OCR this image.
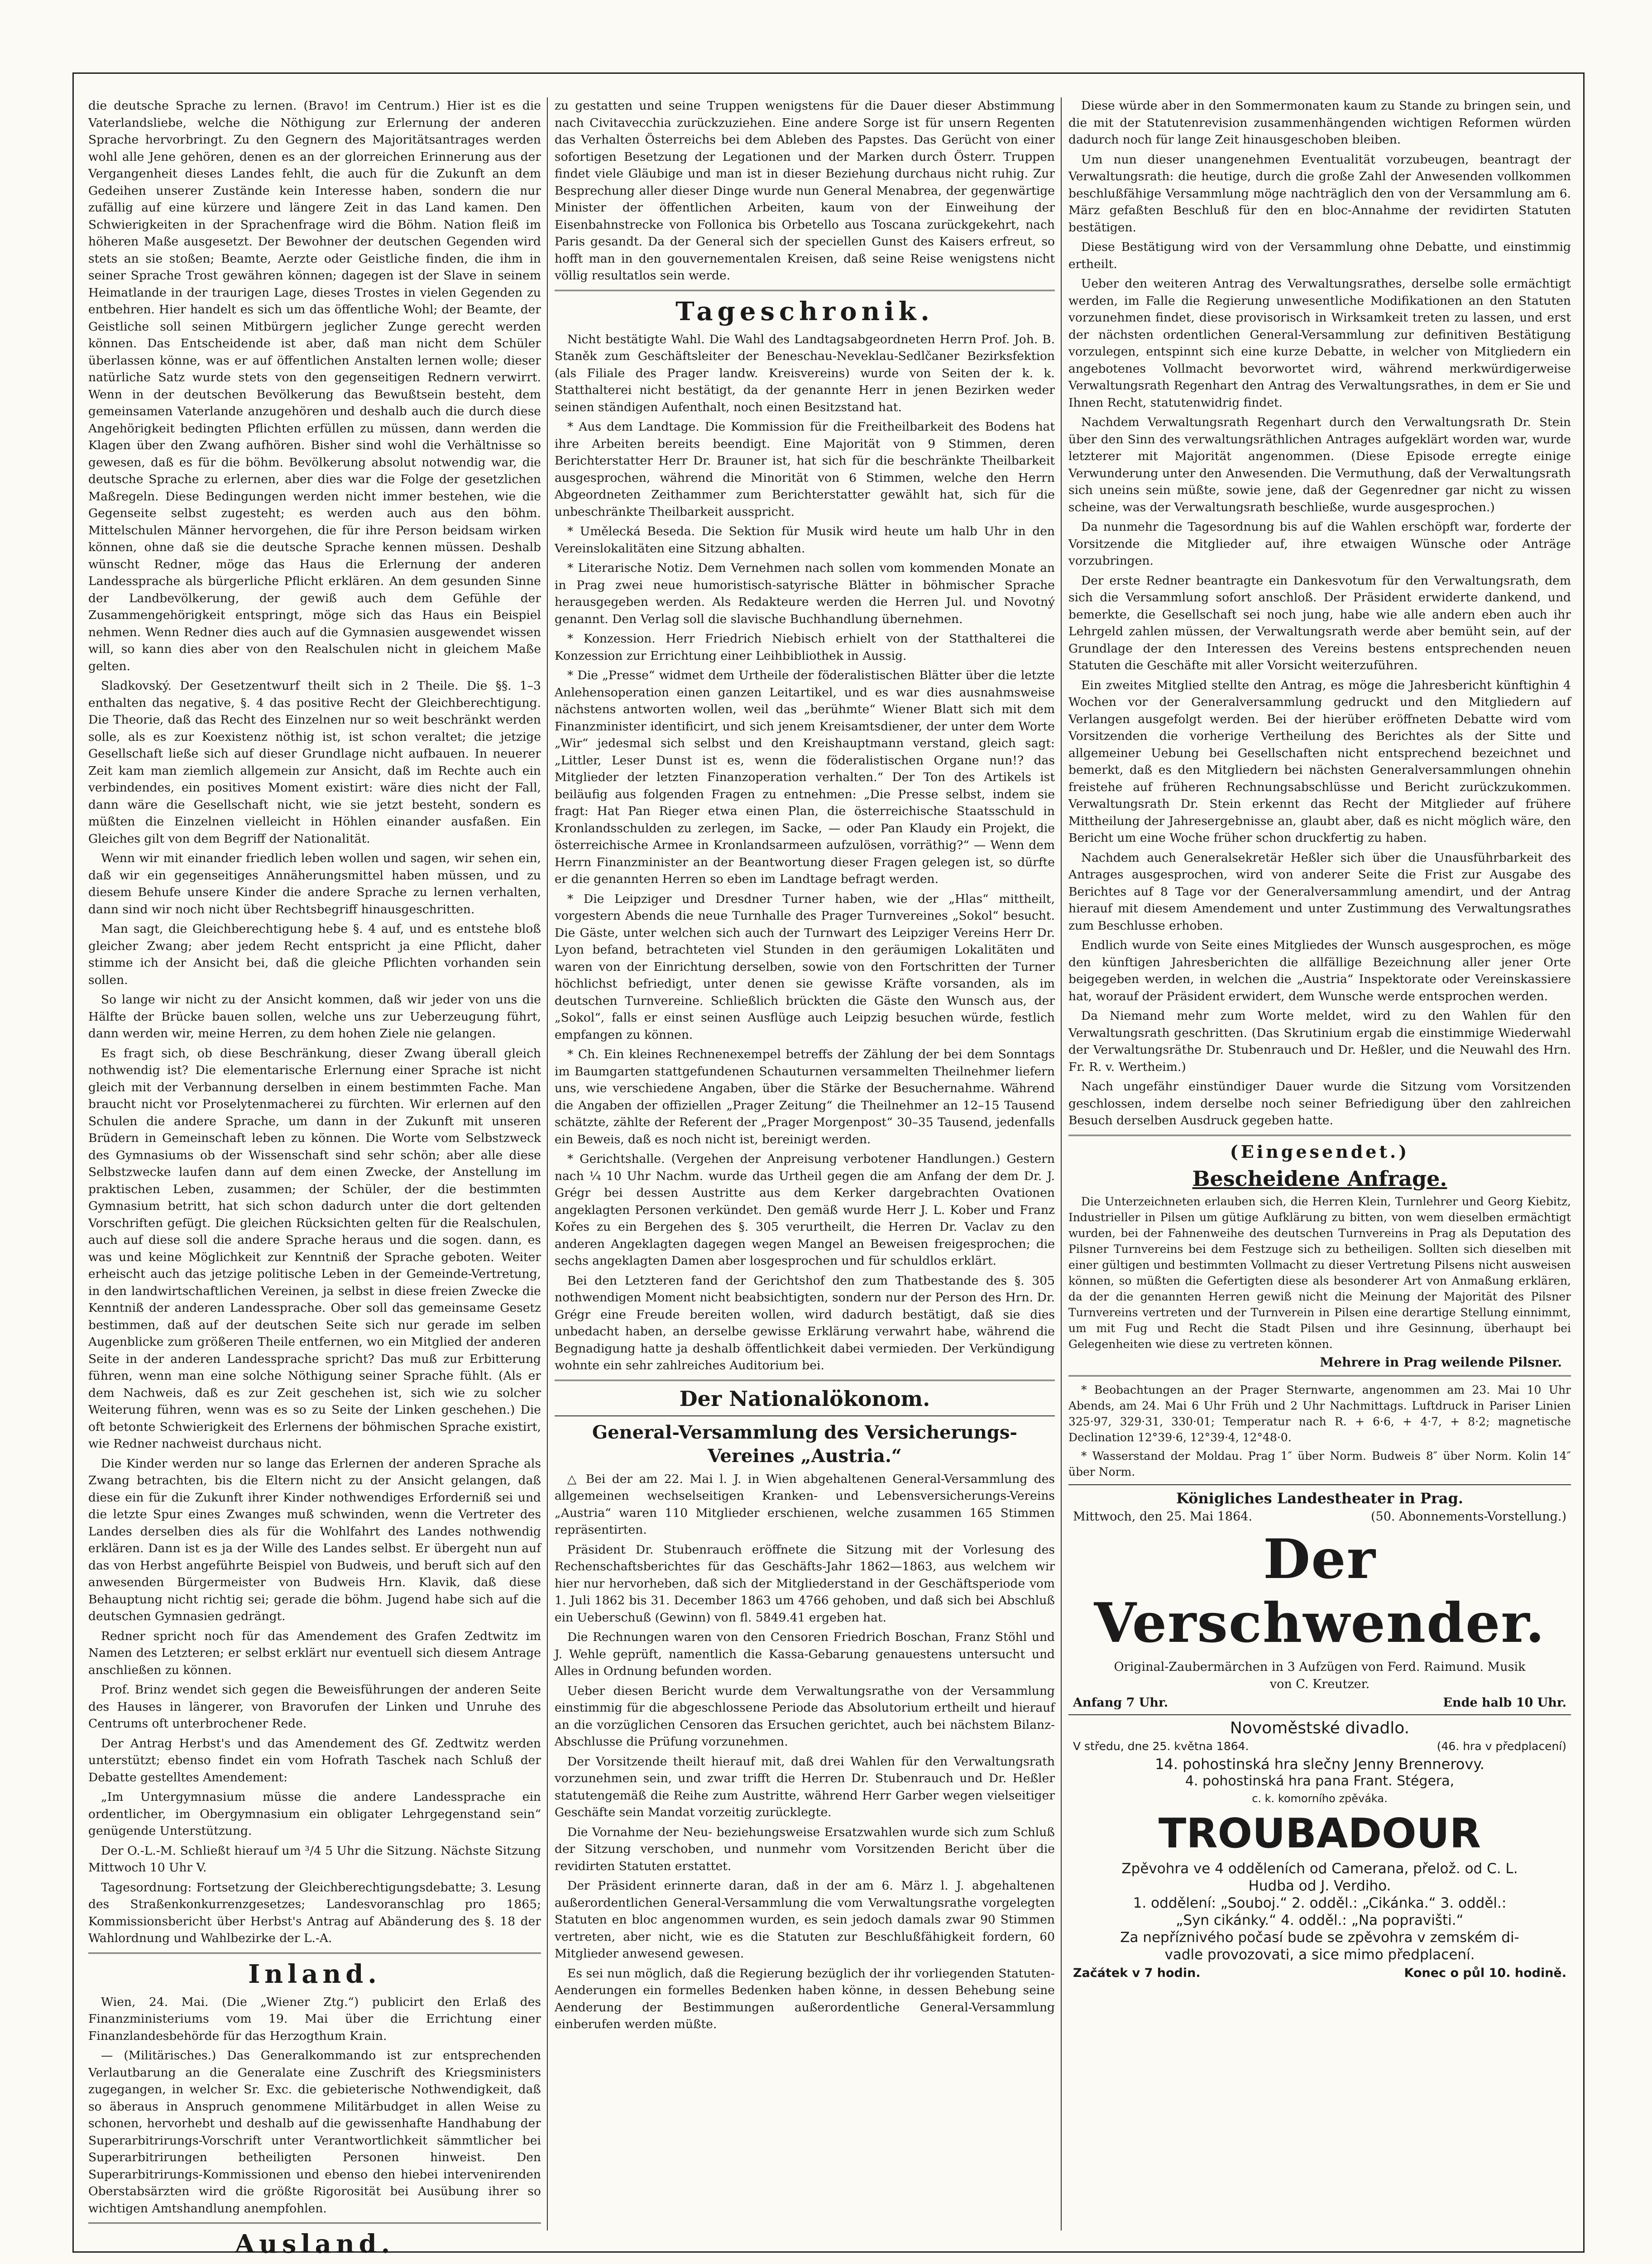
die deutsche Sprache zu lernen. (Bravo! im Centrum.) Hier ist es die Vaterlandsliebe, welche die Nöthigung zur Erlernung der anderen Sprache hervorbringt. Zu den Gegnern des Majoritätsantrages werden wohl alle Jene gehören, denen es an der glorreichen Erinnerung aus der Vergangenheit dieses Landes fehlt, die auch für die Zukunft an dem Gedeihen unserer Zustände kein Interesse haben, sondern die nur zufällig auf eine kürzere und längere Zeit in das Land kamen. Den Schwierigkeiten in der Sprachenfrage wird die Böhm. Nation fleiß im höheren Maße ausgesetzt. Der Bewohner der deutschen Gegenden wird stets an sie stoßen; Beamte, Aerzte oder Geistliche finden, die ihm in seiner Sprache Trost gewähren können; dagegen ist der Slave in seinem Heimatlande in der traurigen Lage, dieses Trostes in vielen Gegenden zu entbehren. Hier handelt es sich um das öffentliche Wohl; der Beamte, der Geistliche soll seinen Mitbürgern jeglicher Zunge gerecht werden können. Das Entscheidende ist aber, daß man nicht dem Schüler überlassen könne, was er auf öffentlichen Anstalten lernen wolle; dieser natürliche Satz wurde stets von den gegenseitigen Rednern verwirrt. Wenn in der deutschen Bevölkerung das Bewußtsein besteht, dem gemeinsamen Vaterlande anzugehören und deshalb auch die durch diese Angehörigkeit bedingten Pflichten erfüllen zu müssen, dann werden die Klagen über den Zwang aufhören. Bisher sind wohl die Verhältnisse so gewesen, daß es für die böhm. Bevölkerung absolut notwendig war, die deutsche Sprache zu erlernen, aber dies war die Folge der gesetzlichen Maßregeln. Diese Bedingungen werden nicht immer bestehen, wie die Gegenseite selbst zugesteht; es werden auch aus den böhm. Mittelschulen Männer hervorgehen, die für ihre Person beidsam wirken können, ohne daß sie die deutsche Sprache kennen müssen. Deshalb wünscht Redner, möge das Haus die Erlernung der anderen Landessprache als bürgerliche Pflicht erklären. An dem gesunden Sinne der Landbevölkerung, der gewiß auch dem Gefühle der Zusammengehörigkeit entspringt, möge sich das Haus ein Beispiel nehmen. Wenn Redner dies auch auf die Gymnasien ausgewendet wissen will, so kann dies aber von den Realschulen nicht in gleichem Maße gelten.

Sladkovský. Der Gesetzentwurf theilt sich in 2 Theile. Die §§. 1–3 enthalten das negative, §. 4 das positive Recht der Gleichberechtigung. Die Theorie, daß das Recht des Einzelnen nur so weit beschränkt werden solle, als es zur Koexistenz nöthig ist, ist schon veraltet; die jetzige Gesellschaft ließe sich auf dieser Grundlage nicht aufbauen. In neuerer Zeit kam man ziemlich allgemein zur Ansicht, daß im Rechte auch ein verbindendes, ein positives Moment existirt: wäre dies nicht der Fall, dann wäre die Gesellschaft nicht, wie sie jetzt besteht, sondern es müßten die Einzelnen vielleicht in Höhlen einander ausfaßen. Ein Gleiches gilt von dem Begriff der Nationalität.

Wenn wir mit einander friedlich leben wollen und sagen, wir sehen ein, daß wir ein gegenseitiges Annäherungsmittel haben müssen, und zu diesem Behufe unsere Kinder die andere Sprache zu lernen verhalten, dann sind wir noch nicht über Rechtsbegriff hinausgeschritten.

Man sagt, die Gleichberechtigung hebe §. 4 auf, und es entstehe bloß gleicher Zwang; aber jedem Recht entspricht ja eine Pflicht, daher stimme ich der Ansicht bei, daß die gleiche Pflichten vorhanden sein sollen.

So lange wir nicht zu der Ansicht kommen, daß wir jeder von uns die Hälfte der Brücke bauen sollen, welche uns zur Ueberzeugung führt, dann werden wir, meine Herren, zu dem hohen Ziele nie gelangen.

Es fragt sich, ob diese Beschränkung, dieser Zwang überall gleich nothwendig ist? Die elementarische Erlernung einer Sprache ist nicht gleich mit der Verbannung derselben in einem bestimmten Fache. Man braucht nicht vor Proselytenmacherei zu fürchten. Wir erlernen auf den Schulen die andere Sprache, um dann in der Zukunft mit unseren Brüdern in Gemeinschaft leben zu können. Die Worte vom Selbstzweck des Gymnasiums ob der Wissenschaft sind sehr schön; aber alle diese Selbstzwecke laufen dann auf dem einen Zwecke, der Anstellung im praktischen Leben, zusammen; der Schüler, der die bestimmten Gymnasium betritt, hat sich schon dadurch unter die dort geltenden Vorschriften gefügt. Die gleichen Rücksichten gelten für die Realschulen, auch auf diese soll die andere Sprache heraus und die sogen. dann, es was und keine Möglichkeit zur Kenntniß der Sprache geboten. Weiter erheischt auch das jetzige politische Leben in der Gemeinde-Vertretung, in den landwirtschaftlichen Vereinen, ja selbst in diese freien Zwecke die Kenntniß der anderen Landessprache. Ober soll das gemeinsame Gesetz bestimmen, daß auf der deutschen Seite sich nur gerade im selben Augenblicke zum größeren Theile entfernen, wo ein Mitglied der anderen Seite in der anderen Landessprache spricht? Das muß zur Erbitterung führen, wenn man eine solche Nöthigung seiner Sprache fühlt. (Als er dem Nachweis, daß es zur Zeit geschehen ist, sich wie zu solcher Weiterung führen, wenn was es so zu Seite der Linken geschehen.) Die oft betonte Schwierigkeit des Erlernens der böhmischen Sprache existirt, wie Redner nachweist durchaus nicht.

Die Kinder werden nur so lange das Erlernen der anderen Sprache als Zwang betrachten, bis die Eltern nicht zu der Ansicht gelangen, daß diese ein für die Zukunft ihrer Kinder nothwendiges Erforderniß sei und die letzte Spur eines Zwanges muß schwinden, wenn die Vertreter des Landes derselben dies als für die Wohlfahrt des Landes nothwendig erklären. Dann ist es ja der Wille des Landes selbst. Er übergeht nun auf das von Herbst angeführte Beispiel von Budweis, und beruft sich auf den anwesenden Bürgermeister von Budweis Hrn. Klavik, daß diese Behauptung nicht richtig sei; gerade die böhm. Jugend habe sich auf die deutschen Gymnasien gedrängt.

Redner spricht noch für das Amendement des Grafen Zedtwitz im Namen des Letzteren; er selbst erklärt nur eventuell sich diesem Antrage anschließen zu können.

Prof. Brinz wendet sich gegen die Beweisführungen der anderen Seite des Hauses in längerer, von Bravorufen der Linken und Unruhe des Centrums oft unterbrochener Rede.

Der Antrag Herbst's und das Amendement des Gf. Zedtwitz werden unterstützt; ebenso findet ein vom Hofrath Taschek nach Schluß der Debatte gestelltes Amendement:

„Im Untergymnasium müsse die andere Landessprache ein ordentlicher, im Obergymnasium ein obligater Lehrgegenstand sein“ genügende Unterstützung.

Der O.-L.-M. Schließt hierauf um ³/4 5 Uhr die Sitzung. Nächste Sitzung Mittwoch 10 Uhr V.

Tagesordnung: Fortsetzung der Gleichberechtigungsdebatte; 3. Lesung des Straßenkonkurrenzgesetzes; Landesvoranschlag pro 1865; Kommissionsbericht über Herbst's Antrag auf Abänderung des §. 18 der Wahlordnung und Wahlbezirke der L.-A.

Inland.

Wien, 24. Mai. (Die „Wiener Ztg.“) publicirt den Erlaß des Finanzministeriums vom 19. Mai über die Errichtung einer Finanzlandesbehörde für das Herzogthum Krain.

— (Militärisches.) Das Generalkommando ist zur entsprechenden Verlautbarung an die Generalate eine Zuschrift des Kriegsministers zugegangen, in welcher Sr. Exc. die gebieterische Nothwendigkeit, daß so äberaus in Anspruch genommene Militärbudget in allen Weise zu schonen, hervorhebt und deshalb auf die gewissenhafte Handhabung der Superarbitrirungs-Vorschrift unter Verantwortlichkeit sämmtlicher bei Superarbitrirungen betheiligten Personen hinweist. Den Superarbitrirungs-Kommissionen und ebenso den hiebei intervenirenden Oberstabsärzten wird die größte Rigorosität bei Ausübung ihrer so wichtigen Amtshandlung anempfohlen.

Ausland.

zu gestatten und seine Truppen wenigstens für die Dauer dieser Abstimmung nach Civitavecchia zurückzuziehen. Eine andere Sorge ist für unsern Regenten das Verhalten Österreichs bei dem Ableben des Papstes. Das Gerücht von einer sofortigen Besetzung der Legationen und der Marken durch Österr. Truppen findet viele Gläubige und man ist in dieser Beziehung durchaus nicht ruhig. Zur Besprechung aller dieser Dinge wurde nun General Menabrea, der gegenwärtige Minister der öffentlichen Arbeiten, kaum von der Einweihung der Eisenbahnstrecke von Follonica bis Orbetello aus Toscana zurückgekehrt, nach Paris gesandt. Da der General sich der speciellen Gunst des Kaisers erfreut, so hofft man in den gouvernementalen Kreisen, daß seine Reise wenigstens nicht völlig resultatlos sein werde.

Tageschronik.

Nicht bestätigte Wahl. Die Wahl des Landtagsabgeordneten Herrn Prof. Joh. B. Staněk zum Geschäftsleiter der Beneschau-Neveklau-Sedlčaner Bezirksfektion (als Filiale des Prager landw. Kreisvereins) wurde von Seiten der k. k. Statthalterei nicht bestätigt, da der genannte Herr in jenen Bezirken weder seinen ständigen Aufenthalt, noch einen Besitzstand hat.

* Aus dem Landtage. Die Kommission für die Freitheilbarkeit des Bodens hat ihre Arbeiten bereits beendigt. Eine Majorität von 9 Stimmen, deren Berichterstatter Herr Dr. Brauner ist, hat sich für die beschränkte Theilbarkeit ausgesprochen, während die Minorität von 6 Stimmen, welche den Herrn Abgeordneten Zeithammer zum Berichterstatter gewählt hat, sich für die unbeschränkte Theilbarkeit ausspricht.

* Umělecká Beseda. Die Sektion für Musik wird heute um halb Uhr in den Vereinslokalitäten eine Sitzung abhalten.

* Literarische Notiz. Dem Vernehmen nach sollen vom kommenden Monate an in Prag zwei neue humoristisch-satyrische Blätter in böhmischer Sprache herausgegeben werden. Als Redakteure werden die Herren Jul. und Novotný genannt. Den Verlag soll die slavische Buchhandlung übernehmen.

* Konzession. Herr Friedrich Niebisch erhielt von der Statthalterei die Konzession zur Errichtung einer Leihbibliothek in Aussig.

* Die „Presse“ widmet dem Urtheile der föderalistischen Blätter über die letzte Anlehensoperation einen ganzen Leitartikel, und es war dies ausnahmsweise nächstens antworten wollen, weil das „berühmte“ Wiener Blatt sich mit dem Finanzminister identificirt, und sich jenem Kreisamtsdiener, der unter dem Worte „Wir“ jedesmal sich selbst und den Kreishauptmann verstand, gleich sagt: „Littler, Leser Dunst ist es, wenn die föderalistischen Organe nun!? das Mitglieder der letzten Finanzoperation verhalten.“ Der Ton des Artikels ist beiläufig aus folgenden Fragen zu entnehmen: „Die Presse selbst, indem sie fragt: Hat Pan Rieger etwa einen Plan, die österreichische Staatsschuld in Kronlandsschulden zu zerlegen, im Sacke, — oder Pan Klaudy ein Projekt, die österreichische Armee in Kronlandsarmeen aufzulösen, vorräthig?“ — Wenn dem Herrn Finanzminister an der Beantwortung dieser Fragen gelegen ist, so dürfte er die genannten Herren so eben im Landtage befragt werden.

* Die Leipziger und Dresdner Turner haben, wie der „Hlas“ mittheilt, vorgestern Abends die neue Turnhalle des Prager Turnvereines „Sokol“ besucht. Die Gäste, unter welchen sich auch der Turnwart des Leipziger Vereins Herr Dr. Lyon befand, betrachteten viel Stunden in den geräumigen Lokalitäten und waren von der Einrichtung derselben, sowie von den Fortschritten der Turner höchlichst befriedigt, unter denen sie gewisse Kräfte vorsanden, als im deutschen Turnvereine. Schließlich brückten die Gäste den Wunsch aus, der „Sokol“, falls er einst seinen Ausflüge auch Leipzig besuchen würde, festlich empfangen zu können.

* Ch. Ein kleines Rechnenexempel betreffs der Zählung der bei dem Sonntags im Baumgarten stattgefundenen Schauturnen versammelten Theilnehmer liefern uns, wie verschiedene Angaben, über die Stärke der Besuchernahme. Während die Angaben der offiziellen „Prager Zeitung“ die Theilnehmer an 12–15 Tausend schätzte, zählte der Referent der „Prager Morgenpost“ 30–35 Tausend, jedenfalls ein Beweis, daß es noch nicht ist, bereinigt werden.

* Gerichtshalle. (Vergehen der Anpreisung verbotener Handlungen.) Gestern nach ¼ 10 Uhr Nachm. wurde das Urtheil gegen die am Anfang der dem Dr. J. Grégr bei dessen Austritte aus dem Kerker dargebrachten Ovationen angeklagten Personen verkündet. Den gemäß wurde Herr J. L. Kober und Franz Kořes zu ein Bergehen des §. 305 verurtheilt, die Herren Dr. Vaclav zu den anderen Angeklagten dagegen wegen Mangel an Beweisen freigesprochen; die sechs angeklagten Damen aber losgesprochen und für schuldlos erklärt.

Bei den Letzteren fand der Gerichtshof den zum Thatbestande des §. 305 nothwendigen Moment nicht beabsichtigten, sondern nur der Person des Hrn. Dr. Grégr eine Freude bereiten wollen, wird dadurch bestätigt, daß sie dies unbedacht haben, an derselbe gewisse Erklärung verwahrt habe, während die Begnadigung hatte ja deshalb öffentlichkeit dabei vermieden. Der Verkündigung wohnte ein sehr zahlreiches Auditorium bei.

Der Nationalökonom.
General-Versammlung des Versicherungs-Vereines „Austria.“

△ Bei der am 22. Mai l. J. in Wien abgehaltenen General-Versammlung des allgemeinen wechselseitigen Kranken- und Lebensversicherungs-Vereins „Austria“ waren 110 Mitglieder erschienen, welche zusammen 165 Stimmen repräsentirten.

Präsident Dr. Stubenrauch eröffnete die Sitzung mit der Vorlesung des Rechenschaftsberichtes für das Geschäfts-Jahr 1862—1863, aus welchem wir hier nur hervorheben, daß sich der Mitgliederstand in der Geschäftsperiode vom 1. Juli 1862 bis 31. December 1863 um 4766 gehoben, und daß sich bei Abschluß ein Ueberschuß (Gewinn) von fl. 5849.41 ergeben hat.

Die Rechnungen waren von den Censoren Friedrich Boschan, Franz Stöhl und J. Wehle geprüft, namentlich die Kassa-Gebarung genauestens untersucht und Alles in Ordnung befunden worden.

Ueber diesen Bericht wurde dem Verwaltungsrathe von der Versammlung einstimmig für die abgeschlossene Periode das Absolutorium ertheilt und hierauf an die vorzüglichen Censoren das Ersuchen gerichtet, auch bei nächstem Bilanz-Abschlusse die Prüfung vorzunehmen.

Der Vorsitzende theilt hierauf mit, daß drei Wahlen für den Verwaltungsrath vorzunehmen sein, und zwar trifft die Herren Dr. Stubenrauch und Dr. Heßler statutengemäß die Reihe zum Austritte, während Herr Garber wegen vielseitiger Geschäfte sein Mandat vorzeitig zurücklegte.

Die Vornahme der Neu- beziehungsweise Ersatzwahlen wurde sich zum Schluß der Sitzung verschoben, und nunmehr vom Vorsitzenden Bericht über die revidirten Statuten erstattet.

Der Präsident erinnerte daran, daß in der am 6. März l. J. abgehaltenen außerordentlichen General-Versammlung die vom Verwaltungsrathe vorgelegten Statuten en bloc angenommen wurden, es sein jedoch damals zwar 90 Stimmen vertreten, aber nicht, wie es die Statuten zur Beschlußfähigkeit fordern, 60 Mitglieder anwesend gewesen.

Es sei nun möglich, daß die Regierung bezüglich der ihr vorliegenden Statuten-Aenderungen ein formelles Bedenken haben könne, in dessen Behebung seine Aenderung der Bestimmungen außerordentliche General-Versammlung einberufen werden müßte.

Diese würde aber in den Sommermonaten kaum zu Stande zu bringen sein, und die mit der Statutenrevision zusammenhängenden wichtigen Reformen würden dadurch noch für lange Zeit hinausgeschoben bleiben.

Um nun dieser unangenehmen Eventualität vorzubeugen, beantragt der Verwaltungsrath: die heutige, durch die große Zahl der Anwesenden vollkommen beschlußfähige Versammlung möge nachträglich den von der Versammlung am 6. März gefaßten Beschluß für den en bloc-Annahme der revidirten Statuten bestätigen.

Diese Bestätigung wird von der Versammlung ohne Debatte, und einstimmig ertheilt.

Ueber den weiteren Antrag des Verwaltungsrathes, derselbe solle ermächtigt werden, im Falle die Regierung unwesentliche Modifikationen an den Statuten vorzunehmen findet, diese provisorisch in Wirksamkeit treten zu lassen, und erst der nächsten ordentlichen General-Versammlung zur definitiven Bestätigung vorzulegen, entspinnt sich eine kurze Debatte, in welcher von Mitgliedern ein angebotenes Vollmacht bevorwortet wird, während merkwürdigerweise Verwaltungsrath Regenhart den Antrag des Verwaltungsrathes, in dem er Sie und Ihnen Recht, statutenwidrig findet.

Nachdem Verwaltungsrath Regenhart durch den Verwaltungsrath Dr. Stein über den Sinn des verwaltungsräthlichen Antrages aufgeklärt worden war, wurde letzterer mit Majorität angenommen. (Diese Episode erregte einige Verwunderung unter den Anwesenden. Die Vermuthung, daß der Verwaltungsrath sich uneins sein müßte, sowie jene, daß der Gegenredner gar nicht zu wissen scheine, was der Verwaltungsrath beschließe, wurde ausgesprochen.)

Da nunmehr die Tagesordnung bis auf die Wahlen erschöpft war, forderte der Vorsitzende die Mitglieder auf, ihre etwaigen Wünsche oder Anträge vorzubringen.

Der erste Redner beantragte ein Dankesvotum für den Verwaltungsrath, dem sich die Versammlung sofort anschloß. Der Präsident erwiderte dankend, und bemerkte, die Gesellschaft sei noch jung, habe wie alle andern eben auch ihr Lehrgeld zahlen müssen, der Verwaltungsrath werde aber bemüht sein, auf der Grundlage der den Interessen des Vereins bestens entsprechenden neuen Statuten die Geschäfte mit aller Vorsicht weiterzuführen.

Ein zweites Mitglied stellte den Antrag, es möge die Jahresbericht künftighin 4 Wochen vor der Generalversammlung gedruckt und den Mitgliedern auf Verlangen ausgefolgt werden. Bei der hierüber eröffneten Debatte wird vom Vorsitzenden die vorherige Vertheilung des Berichtes als der Sitte und allgemeiner Uebung bei Gesellschaften nicht entsprechend bezeichnet und bemerkt, daß es den Mitgliedern bei nächsten Generalversammlungen ohnehin freistehe auf früheren Rechnungsabschlüsse und Bericht zurückzukommen. Verwaltungsrath Dr. Stein erkennt das Recht der Mitglieder auf frühere Mittheilung der Jahresergebnisse an, glaubt aber, daß es nicht möglich wäre, den Bericht um eine Woche früher schon druckfertig zu haben.

Nachdem auch Generalsekretär Heßler sich über die Unausführbarkeit des Antrages ausgesprochen, wird von anderer Seite die Frist zur Ausgabe des Berichtes auf 8 Tage vor der Generalversammlung amendirt, und der Antrag hierauf mit diesem Amendement und unter Zustimmung des Verwaltungsrathes zum Beschlusse erhoben.

Endlich wurde von Seite eines Mitgliedes der Wunsch ausgesprochen, es möge den künftigen Jahresberichten die allfällige Bezeichnung aller jener Orte beigegeben werden, in welchen die „Austria“ Inspektorate oder Vereinskassiere hat, worauf der Präsident erwidert, dem Wunsche werde entsprochen werden.

Da Niemand mehr zum Worte meldet, wird zu den Wahlen für den Verwaltungsrath geschritten. (Das Skrutinium ergab die einstimmige Wiederwahl der Verwaltungsräthe Dr. Stubenrauch und Dr. Heßler, und die Neuwahl des Hrn. Fr. R. v. Wertheim.)

Nach ungefähr einstündiger Dauer wurde die Sitzung vom Vorsitzenden geschlossen, indem derselbe noch seiner Befriedigung über den zahlreichen Besuch derselben Ausdruck gegeben hatte.

(Eingesendet.)
Bescheidene Anfrage.

Die Unterzeichneten erlauben sich, die Herren Klein, Turnlehrer und Georg Kiebitz, Industrieller in Pilsen um gütige Aufklärung zu bitten, von wem dieselben ermächtigt wurden, bei der Fahnenweihe des deutschen Turnvereins in Prag als Deputation des Pilsner Turnvereins bei dem Festzuge sich zu betheiligen. Sollten sich dieselben mit einer gültigen und bestimmten Vollmacht zu dieser Vertretung Pilsens nicht ausweisen können, so müßten die Gefertigten diese als besonderer Art von Anmaßung erklären, da der die genannten Herren gewiß nicht die Meinung der Majorität des Pilsner Turnvereins vertreten und der Turnverein in Pilsen eine derartige Stellung einnimmt, um mit Fug und Recht die Stadt Pilsen und ihre Gesinnung, überhaupt bei Gelegenheiten wie diese zu vertreten können.

Mehrere in Prag weilende Pilsner.

* Beobachtungen an der Prager Sternwarte, angenommen am 23. Mai 10 Uhr Abends, am 24. Mai 6 Uhr Früh und 2 Uhr Nachmittags. Luftdruck in Pariser Linien 325·97, 329·31, 330·01; Temperatur nach R. + 6·6, + 4·7, + 8·2; magnetische Declination 12°39·6, 12°39·4, 12°48·0.

* Wasserstand der Moldau. Prag 1″ über Norm. Budweis 8″ über Norm. Kolin 14″ über Norm.

Königliches Landestheater in Prag.

Mittwoch, den 25. Mai 1864.	(50. Abonnements-Vorstellung.)
Der Verschwender.

Original-Zaubermärchen in 3 Aufzügen von Ferd. Raimund. Musik

von C. Kreutzer.

Anfang 7 Uhr.	Ende halb 10 Uhr.

Novoměstské divadlo.

V středu, dne 25. května 1864.	(46. hra v předplacení)

14. pohostinská hra slečny Jenny Brennerovy.

4. pohostinská hra pana Frant. Stégera,

c. k. komorního zpěváka.

TROUBADOUR

Zpěvohra ve 4 odděleních od Camerana, přelož. od C. L.

Hudba od J. Verdiho.

1. oddělení: „Souboj.“ 2. odděl.: „Cikánka.“ 3. odděl.:

„Syn cikánky.“ 4. odděl.: „Na popravišti.“

Za nepříznivého počasí bude se zpěvohra v zemském di-

vadle provozovati, a sice mimo předplacení.

Začátek v 7 hodin.	Konec o půl 10. hodině.
